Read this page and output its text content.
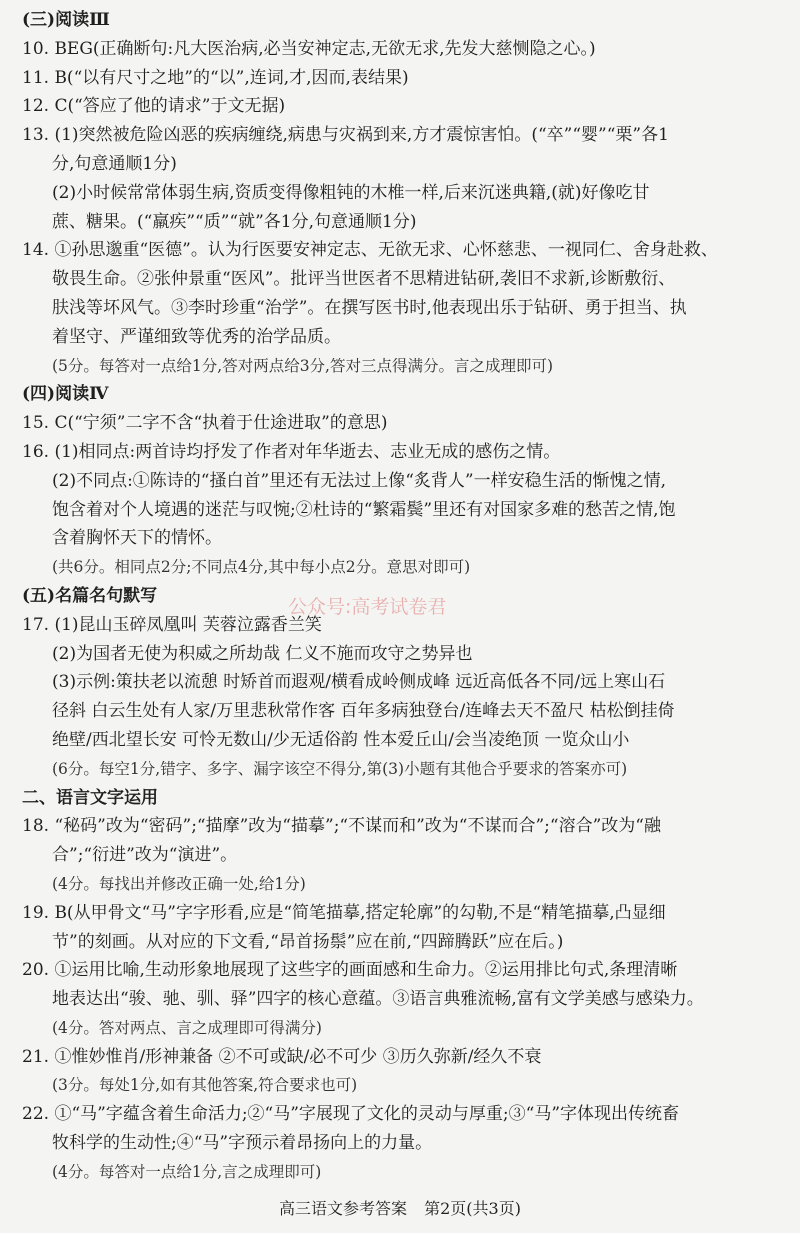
(三)阅读Ⅲ
10. BEG(正确断句:凡大医治病,必当安神定志,无欲无求,先发大慈恻隐之心。)
11. B(“以有尺寸之地”的“以”,连词,才,因而,表结果)
12. C(“答应了他的请求”于文无据)
13. (1)突然被危险凶恶的疾病缠绕,病患与灾祸到来,方才震惊害怕。(“卒”“婴”“栗”各1
分,句意通顺1分)
(2)小时候常常体弱生病,资质变得像粗钝的木椎一样,后来沉迷典籍,(就)好像吃甘
蔗、糖果。(“羸疾”“质”“就”各1分,句意通顺1分)
14. ①孙思邈重“医德”。认为行医要安神定志、无欲无求、心怀慈悲、一视同仁、舍身赴救、
敬畏生命。②张仲景重“医风”。批评当世医者不思精进钻研,袭旧不求新,诊断敷衍、
肤浅等坏风气。③李时珍重“治学”。在撰写医书时,他表现出乐于钻研、勇于担当、执
着坚守、严谨细致等优秀的治学品质。
(5分。每答对一点给1分,答对两点给3分,答对三点得满分。言之成理即可)
(四)阅读Ⅳ
15. C(“宁须”二字不含“执着于仕途进取”的意思)
16. (1)相同点:两首诗均抒发了作者对年华逝去、志业无成的感伤之情。
(2)不同点:①陈诗的“搔白首”里还有无法过上像“炙背人”一样安稳生活的惭愧之情,
饱含着对个人境遇的迷茫与叹惋;②杜诗的“繁霜鬓”里还有对国家多难的愁苦之情,饱
含着胸怀天下的情怀。
(共6分。相同点2分;不同点4分,其中每小点2分。意思对即可)
(五)名篇名句默写
17. (1)昆山玉碎凤凰叫 芙蓉泣露香兰笑
(2)为国者无使为积威之所劫哉 仁义不施而攻守之势异也
(3)示例:策扶老以流憩 时矫首而遐观/横看成岭侧成峰 远近高低各不同/远上寒山石
径斜 白云生处有人家/万里悲秋常作客 百年多病独登台/连峰去天不盈尺 枯松倒挂倚
绝壁/西北望长安 可怜无数山/少无适俗韵 性本爱丘山/会当凌绝顶 一览众山小
(6分。每空1分,错字、多字、漏字该空不得分,第(3)小题有其他合乎要求的答案亦可)
二、语言文字运用
18. “秘码”改为“密码”;“描摩”改为“描摹”;“不谋而和”改为“不谋而合”;“溶合”改为“融
合”;“衍进”改为“演进”。
(4分。每找出并修改正确一处,给1分)
19. B(从甲骨文“马”字字形看,应是“简笔描摹,搭定轮廓”的勾勒,不是“精笔描摹,凸显细
节”的刻画。从对应的下文看,“昂首扬鬃”应在前,“四蹄腾跃”应在后。)
20. ①运用比喻,生动形象地展现了这些字的画面感和生命力。②运用排比句式,条理清晰
地表达出“骏、驰、驯、驿”四字的核心意蕴。③语言典雅流畅,富有文学美感与感染力。
(4分。答对两点、言之成理即可得满分)
21. ①惟妙惟肖/形神兼备 ②不可或缺/必不可少 ③历久弥新/经久不衰
(3分。每处1分,如有其他答案,符合要求也可)
22. ①“马”字蕴含着生命活力;②“马”字展现了文化的灵动与厚重;③“马”字体现出传统畜
牧科学的生动性;④“马”字预示着昂扬向上的力量。
(4分。每答对一点给1分,言之成理即可)
公众号:高考试卷君
高三语文参考答案 第2页(共3页)
